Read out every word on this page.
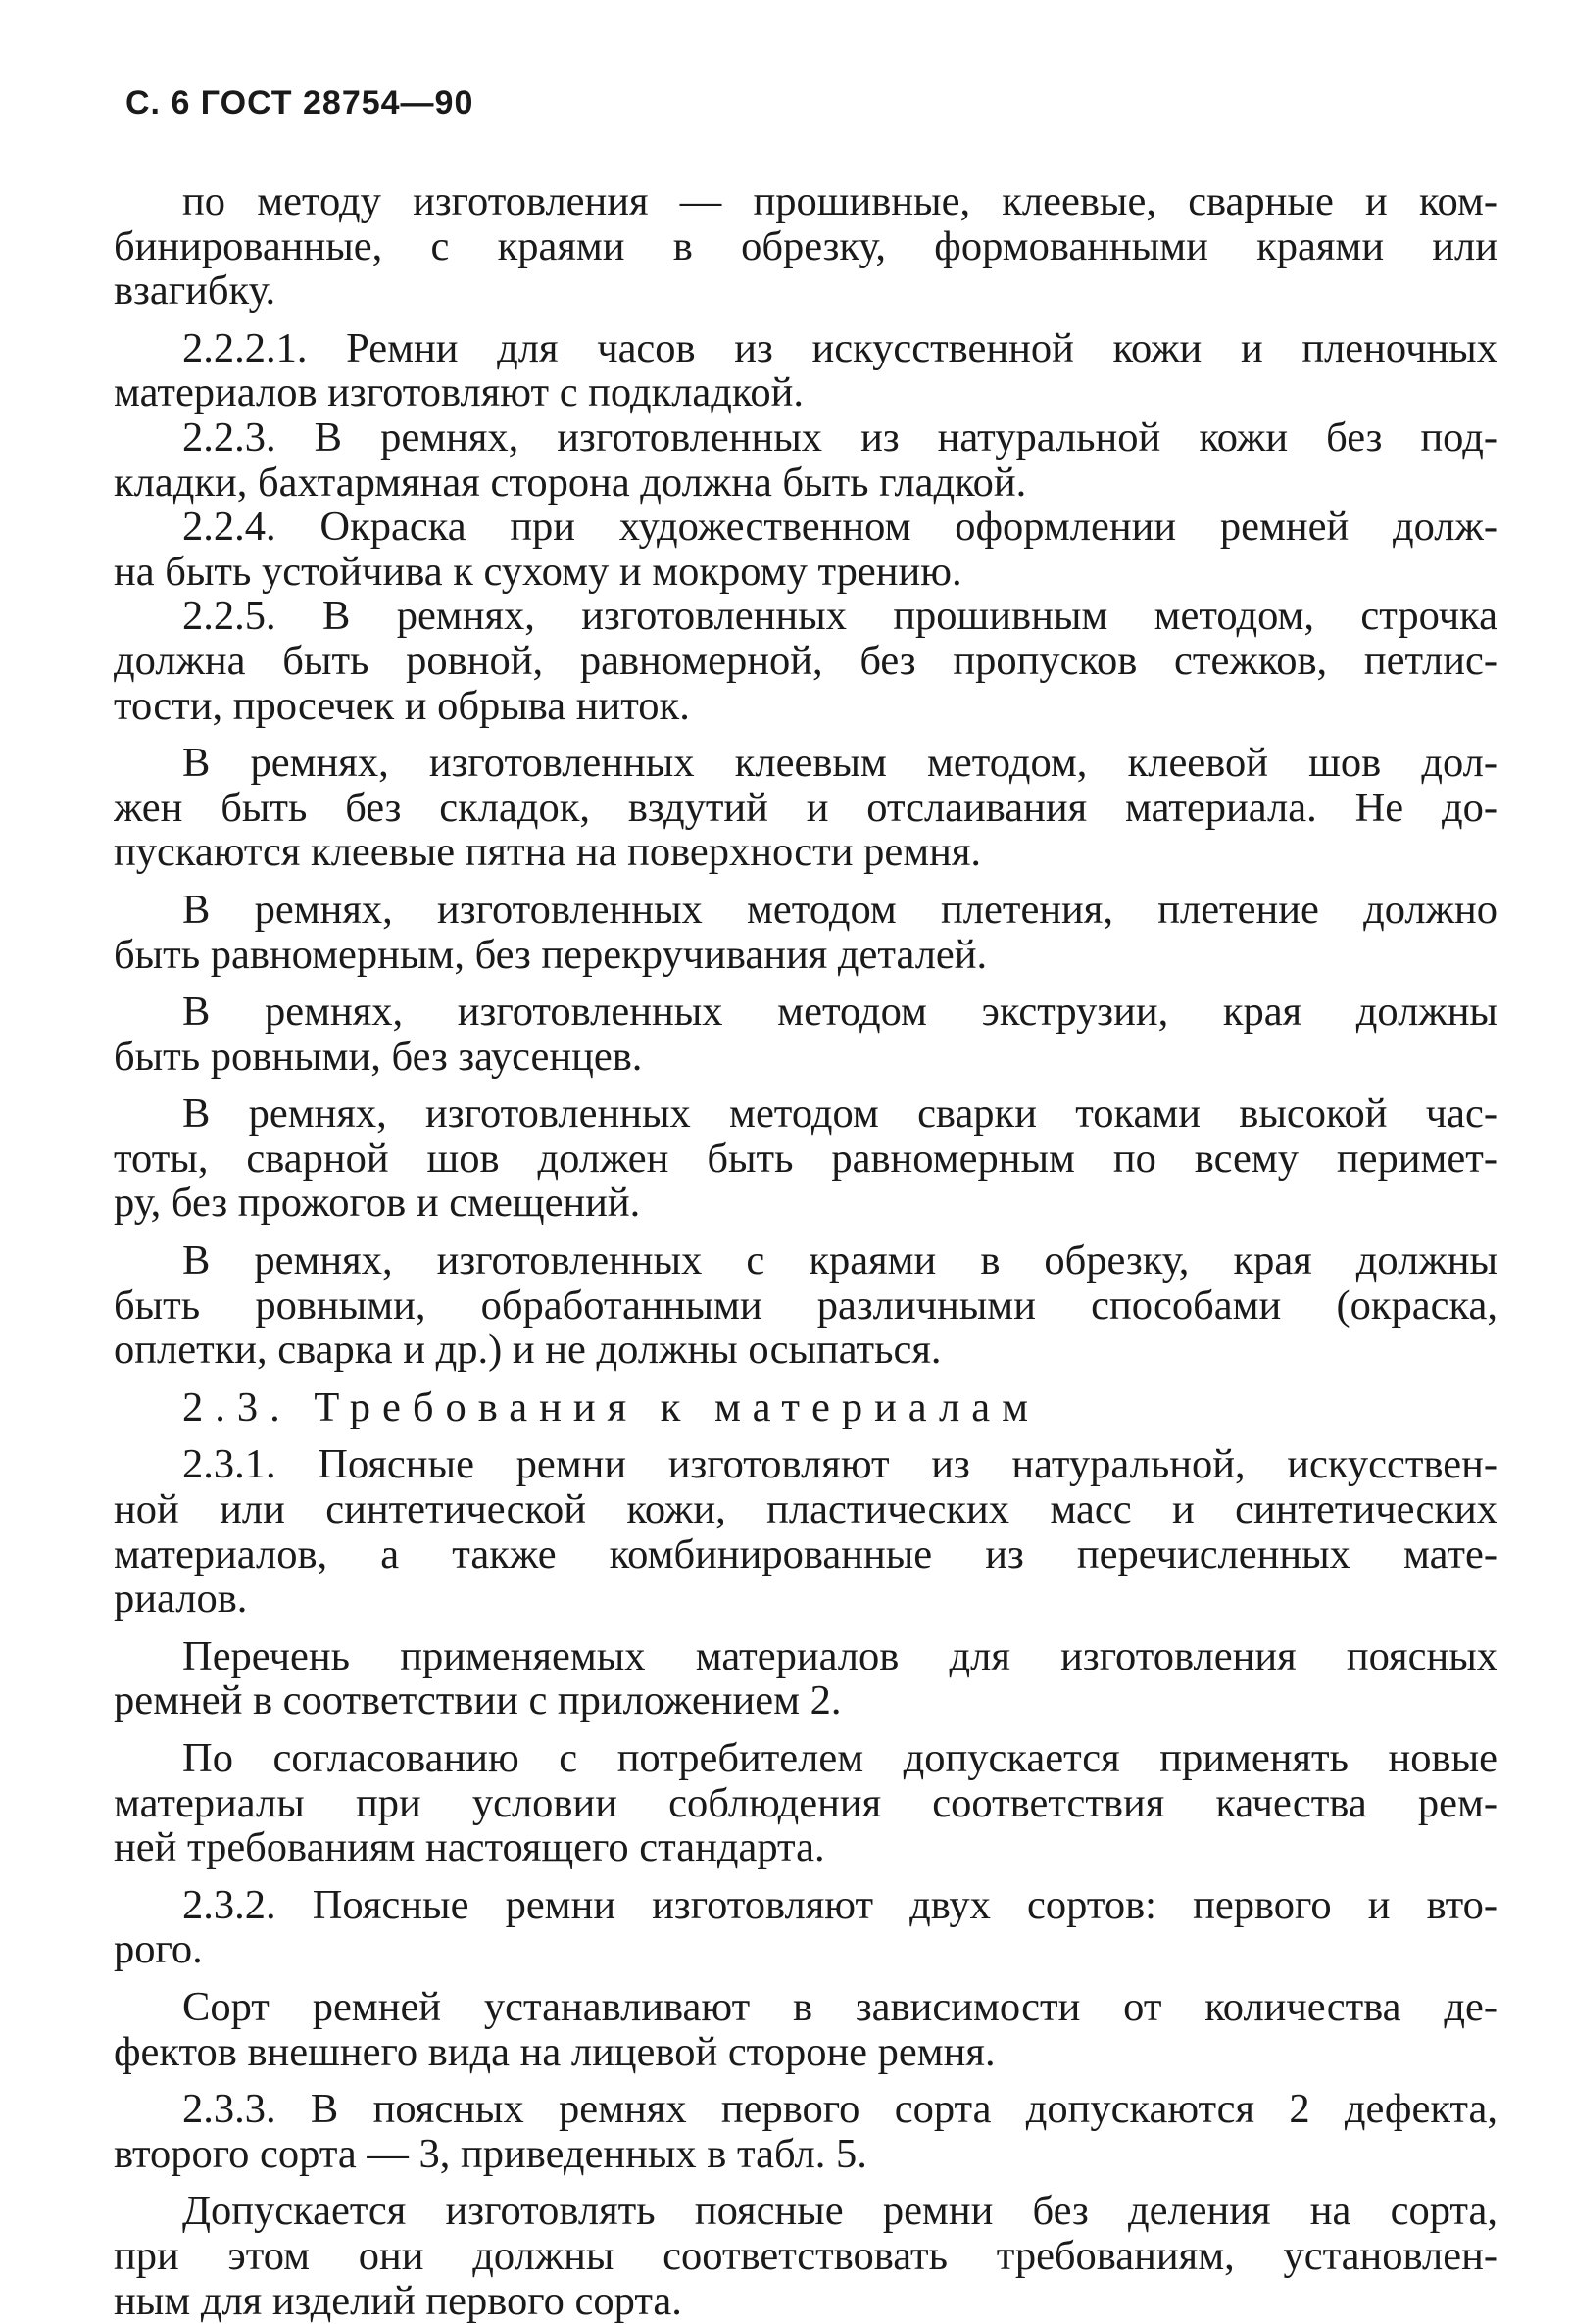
С. 6 ГОСТ 28754—90
по методу изготовления — прошивные, клеевые, сварные и ком-
бинированные, с краями в обрезку, формованными краями или
взагибку.
2.2.2.1. Ремни для часов из искусственной кожи и пленочных
материалов изготовляют с подкладкой.
2.2.3. В ремнях, изготовленных из натуральной кожи без под-
кладки, бахтармяная сторона должна быть гладкой.
2.2.4. Окраска при художественном оформлении ремней долж-
на быть устойчива к сухому и мокрому трению.
2.2.5. В ремнях, изготовленных прошивным методом, строчка
должна быть ровной, равномерной, без пропусков стежков, петлис-
тости, просечек и обрыва ниток.
В ремнях, изготовленных клеевым методом, клеевой шов дол-
жен быть без складок, вздутий и отслаивания материала. Не до-
пускаются клеевые пятна на поверхности ремня.
В ремнях, изготовленных методом плетения, плетение должно
быть равномерным, без перекручивания деталей.
В ремнях, изготовленных методом экструзии, края должны
быть ровными, без заусенцев.
В ремнях, изготовленных методом сварки токами высокой час-
тоты, сварной шов должен быть равномерным по всему перимет-
ру, без прожогов и смещений.
В ремнях, изготовленных с краями в обрезку, края должны
быть ровными, обработанными различными способами (окраска,
оплетки, сварка и др.) и не должны осыпаться.
2.3. Требования к материалам
2.3.1. Поясные ремни изготовляют из натуральной, искусствен-
ной или синтетической кожи, пластических масс и синтетических
материалов, а также комбинированные из перечисленных мате-
риалов.
Перечень применяемых материалов для изготовления поясных
ремней в соответствии с приложением 2.
По согласованию с потребителем допускается применять новые
материалы при условии соблюдения соответствия качества рем-
ней требованиям настоящего стандарта.
2.3.2. Поясные ремни изготовляют двух сортов: первого и вто-
рого.
Сорт ремней устанавливают в зависимости от количества де-
фектов внешнего вида на лицевой стороне ремня.
2.3.3. В поясных ремнях первого сорта допускаются 2 дефекта,
второго сорта — 3, приведенных в табл. 5.
Допускается изготовлять поясные ремни без деления на сорта,
при этом они должны соответствовать требованиям, установлен-
ным для изделий первого сорта.
